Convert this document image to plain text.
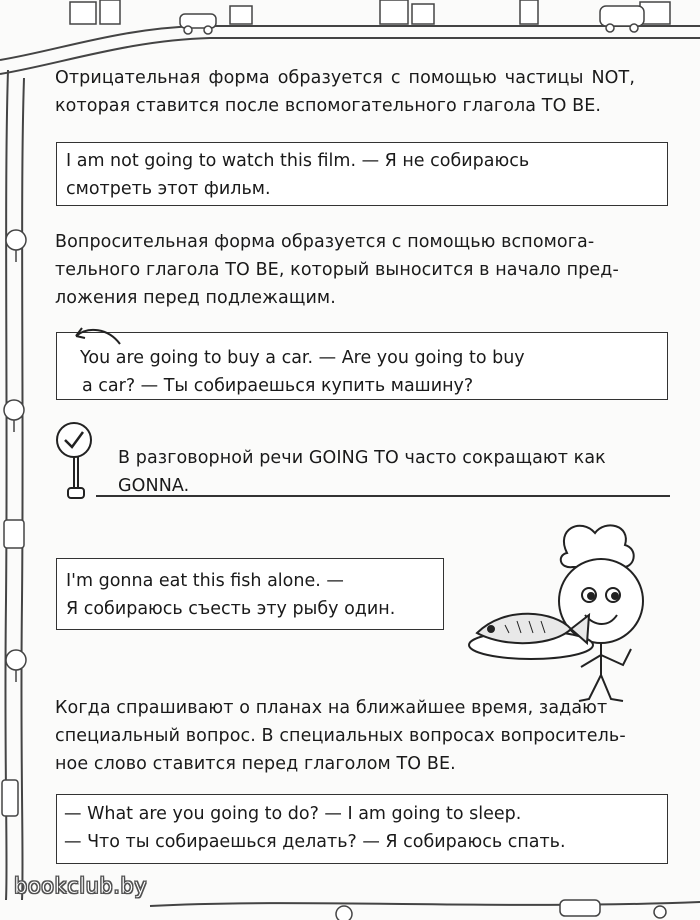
Отрицательная форма образуется с помощью частицы NOT, которая ставится после вспомогательного глагола TO BE.

I am not going to watch this film. — Я не собираюсь
смотреть этот фильм.

Вопросительная форма образуется с помощью вспомога-
тельного глагола TO BE, который выносится в начало пред-
ложения перед подлежащим.

You are going to buy a car. — Are you going to buy
a car? — Ты собираешься купить машину?

В разговорной речи GOING TO часто сокращают как
GONNA.

I'm gonna eat this fish alone. —
Я собираюсь съесть эту рыбу один.

Когда спрашивают о планах на ближайшее время, задают
специальный вопрос. В специальных вопросах вопроситель-
ное слово ставится перед глаголом TO BE.

— What are you going to do? — I am going to sleep.
— Что ты собираешься делать? — Я собираюсь спать.

bookclub.by
